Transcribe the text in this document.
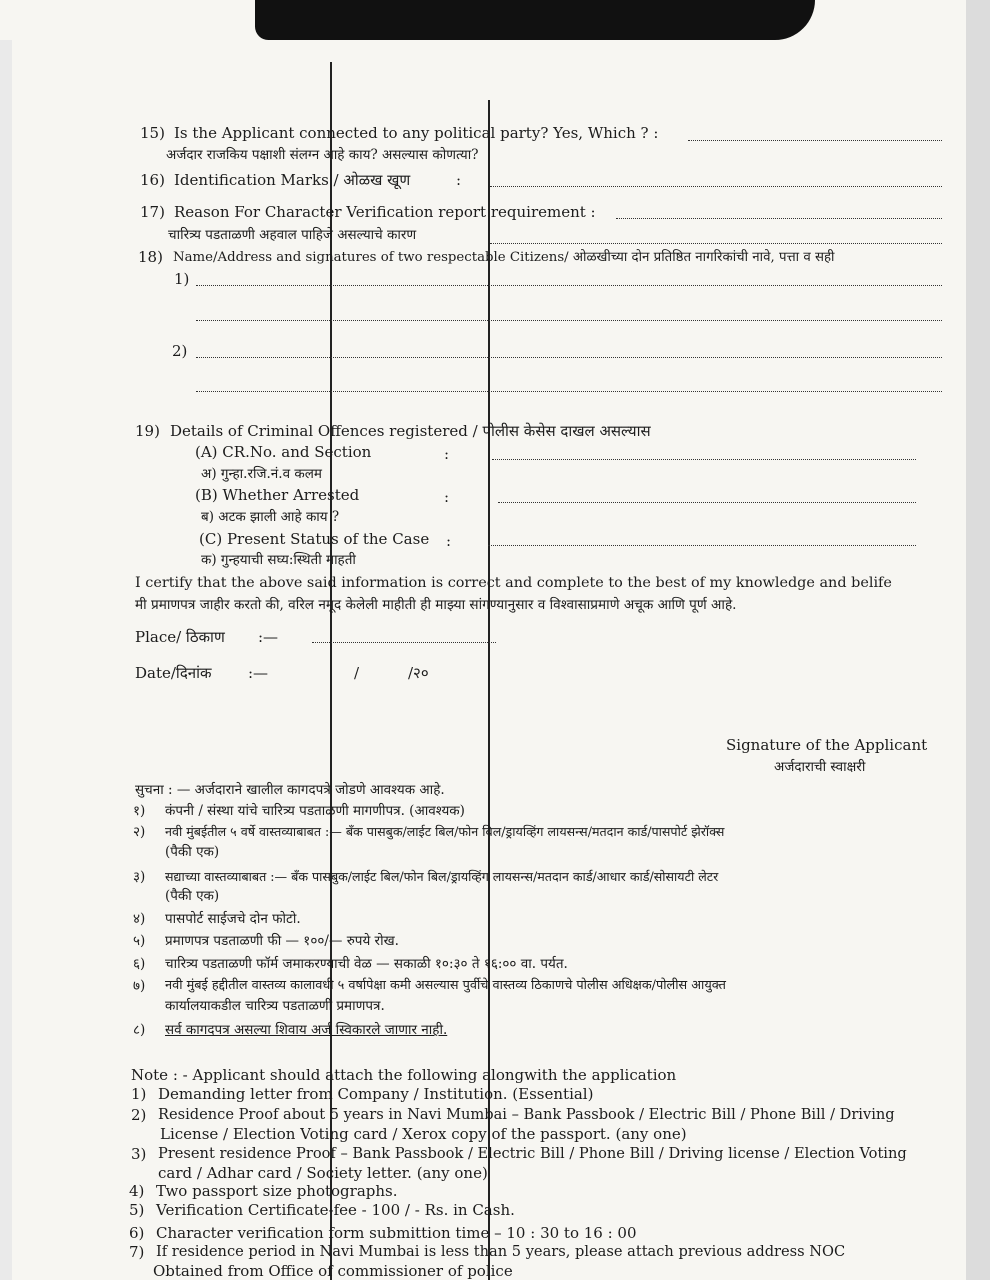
15) Is the Applicant connected to any political party? Yes, Which ? :
अर्जदार राजकिय पक्षाशी संलग्न आहे काय? असल्यास कोणत्या?
16) Identification Marks / ओळख खूण	:
17) Reason For Character Verification report requirement :
चारित्र्य पडताळणी अहवाल पाहिजे असल्याचे कारण
18) Name/Address and signatures of two respectable Citizens/ ओळखीच्या दोन प्रतिष्ठित नागरिकांची नावे, पत्ता व सही
1)
2)
19) Details of Criminal Offences registered / पोलीस केसेस दाखल असल्यास
(A) CR.No. and Section	:
अ) गुन्हा.रजि.नं.व कलम
(B) Whether Arrested	:
ब) अटक झाली आहे काय ?
(C) Present Status of the Case :
क) गुन्हयाची सघ्य:स्थिती माहती
I certify that the above said information is correct and complete to the best of my knowledge and belife
मी प्रमाणपत्र जाहीर करतो की, वरिल नमूद केलेली माहीती ही माझ्या सांगण्यानुसार व विश्वासाप्रमाणे अचूक आणि पूर्ण आहे.
Place/ ठिकाण :—
Date/दिनांक :—	/	/२०
Signature of the Applicant
अर्जदाराची स्वाक्षरी
सुचना : — अर्जदाराने खालील कागदपत्रे जोडणे आवश्यक आहे.
१) कंपनी / संस्था यांचे चारित्र्य पडताळणी मागणीपत्र. (आवश्यक)
२) नवी मुंबईतील ५ वर्षे वास्तव्याबाबत :— बँक पासबुक/लाईट बिल/फोन बिल/ड्रायव्हिंग लायसन्स/मतदान कार्ड/पासपोर्ट झेरॉक्स
(पैकी एक)
३) सद्याच्या वास्तव्याबाबत :— बँक पासबुक/लाईट बिल/फोन बिल/ड्रायव्हिंग लायसन्स/मतदान कार्ड/आधार कार्ड/सोसायटी लेटर
(पैकी एक)
४) पासपोर्ट साईजचे दोन फोटो.
५) प्रमाणपत्र पडताळणी फी — १००/— रुपये रोख.
६) चारित्र्य पडताळणी फॉर्म जमाकरण्याची वेळ — सकाळी १०:३० ते १६:०० वा. पर्यत.
७) नवी मुंबई हद्दीतील वास्तव्य कालावधी ५ वर्षापेक्षा कमी असल्यास पुर्वीचे वास्तव्य ठिकाणचे पोलीस अधिक्षक/पोलीस आयुक्त
कार्यालयाकडील चारित्र्य पडताळणी प्रमाणपत्र.
८) सर्व कागदपत्र असल्या शिवाय अर्ज स्विकारले जाणार नाही.
Note : - Applicant should attach the following alongwith the application
1) Demanding letter from Company / Institution. (Essential)
2) Residence Proof about 5 years in Navi Mumbai – Bank Passbook / Electric Bill / Phone Bill / Driving
License / Election Voting card / Xerox copy of the passport. (any one)
3) Present residence Proof – Bank Passbook / Electric Bill / Phone Bill / Driving license / Election Voting
card / Adhar card / Society letter. (any one)
4) Two passport size photographs.
5) Verification Certificate-fee - 100 / - Rs. in Cash.
6) Character verification form submittion time – 10 : 30 to 16 : 00
7) If residence period in Navi Mumbai is less than 5 years, please attach previous address NOC
Obtained from Office of commissioner of police
